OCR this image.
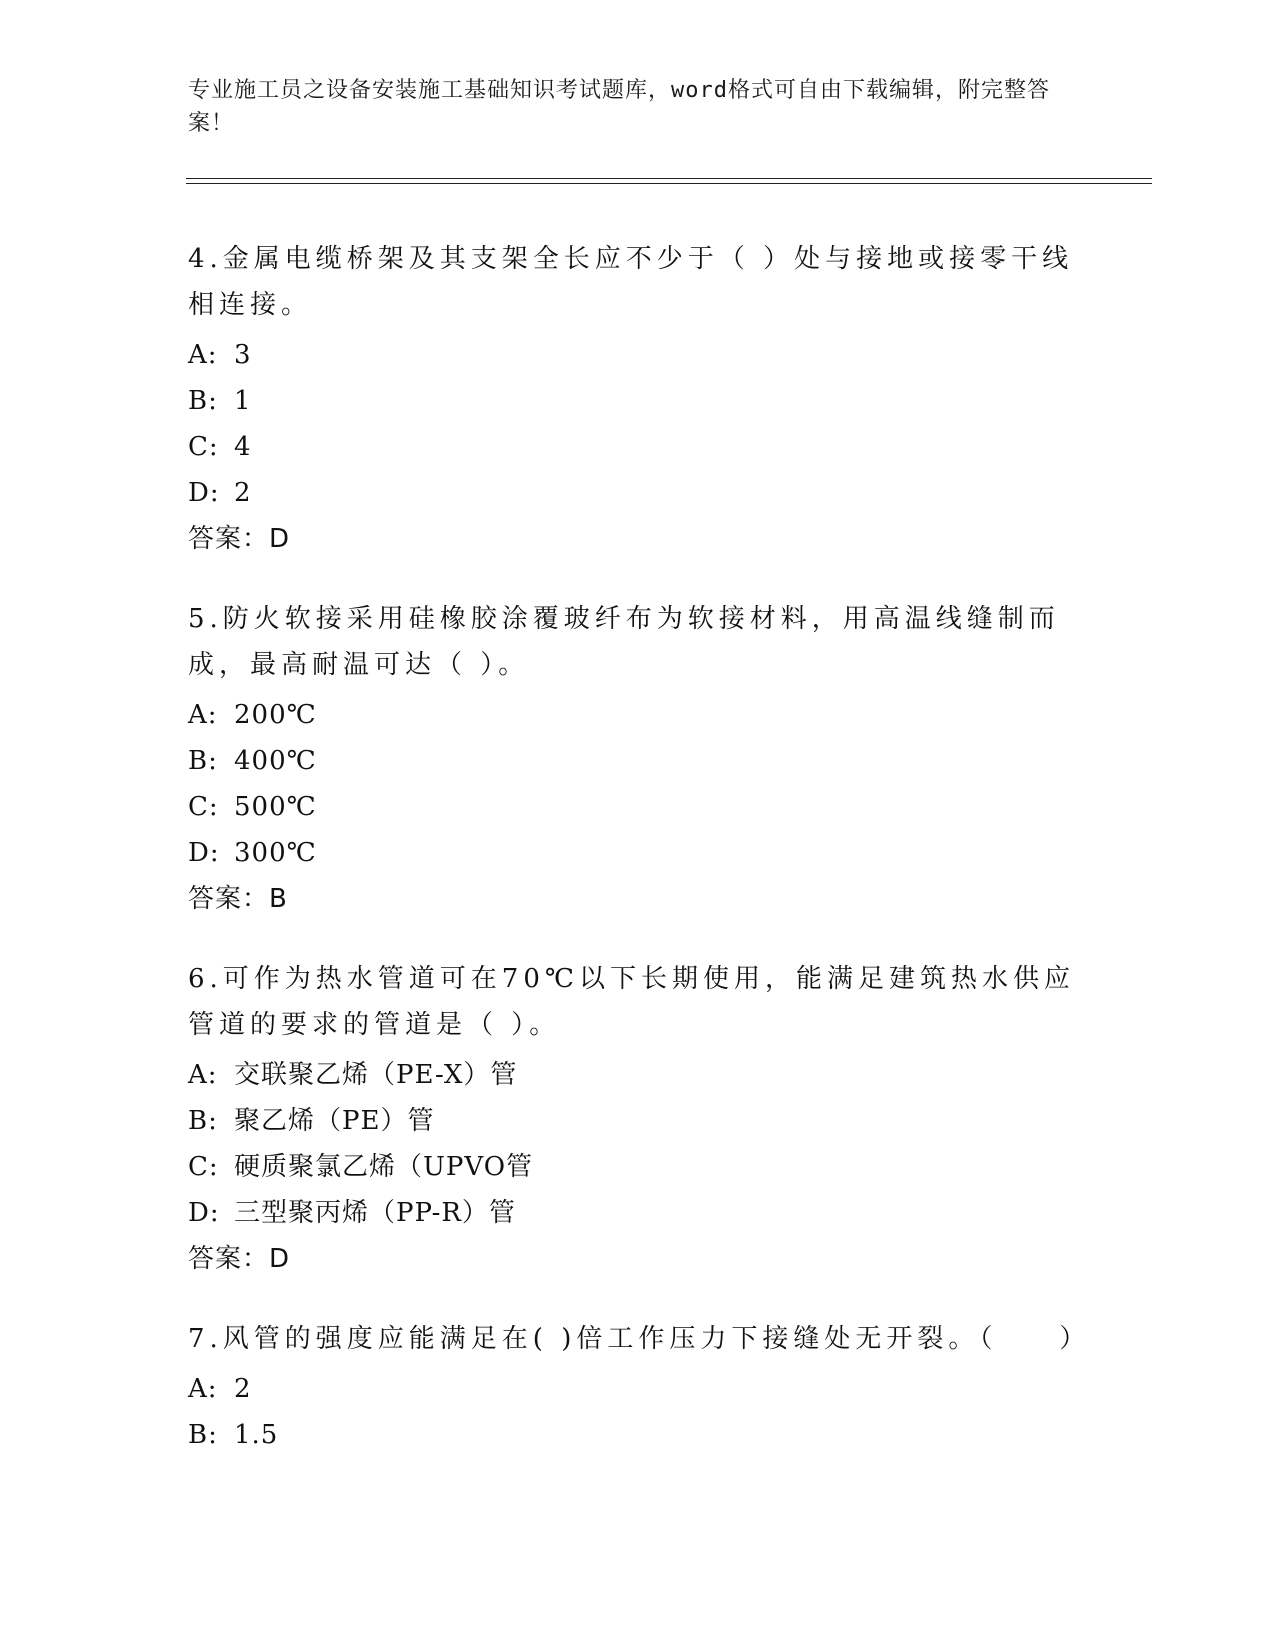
专业施工员之设备安装施工基础知识考试题库，word格式可自由下载编辑，附完整答案！
4.金属电缆桥架及其支架全长应不少于（ ）处与接地或接零干线相连接。
A: 3
B: 1
C: 4
D: 2
答案：D
5.防火软接采用硅橡胶涂覆玻纤布为软接材料，用高温线缝制而成，最高耐温可达（ ）。
A: 200℃
B: 400℃
C: 500℃
D: 300℃
答案：B
6.可作为热水管道可在70℃以下长期使用，能满足建筑热水供应管道的要求的管道是（ ）。
A: 交联聚乙烯（PE-X）管
B: 聚乙烯（PE）管
C: 硬质聚氯乙烯（UPVO管
D: 三型聚丙烯（PP-R）管
答案：D
7.风管的强度应能满足在( )倍工作压力下接缝处无开裂。（　　）
A: 2
B: 1.5
